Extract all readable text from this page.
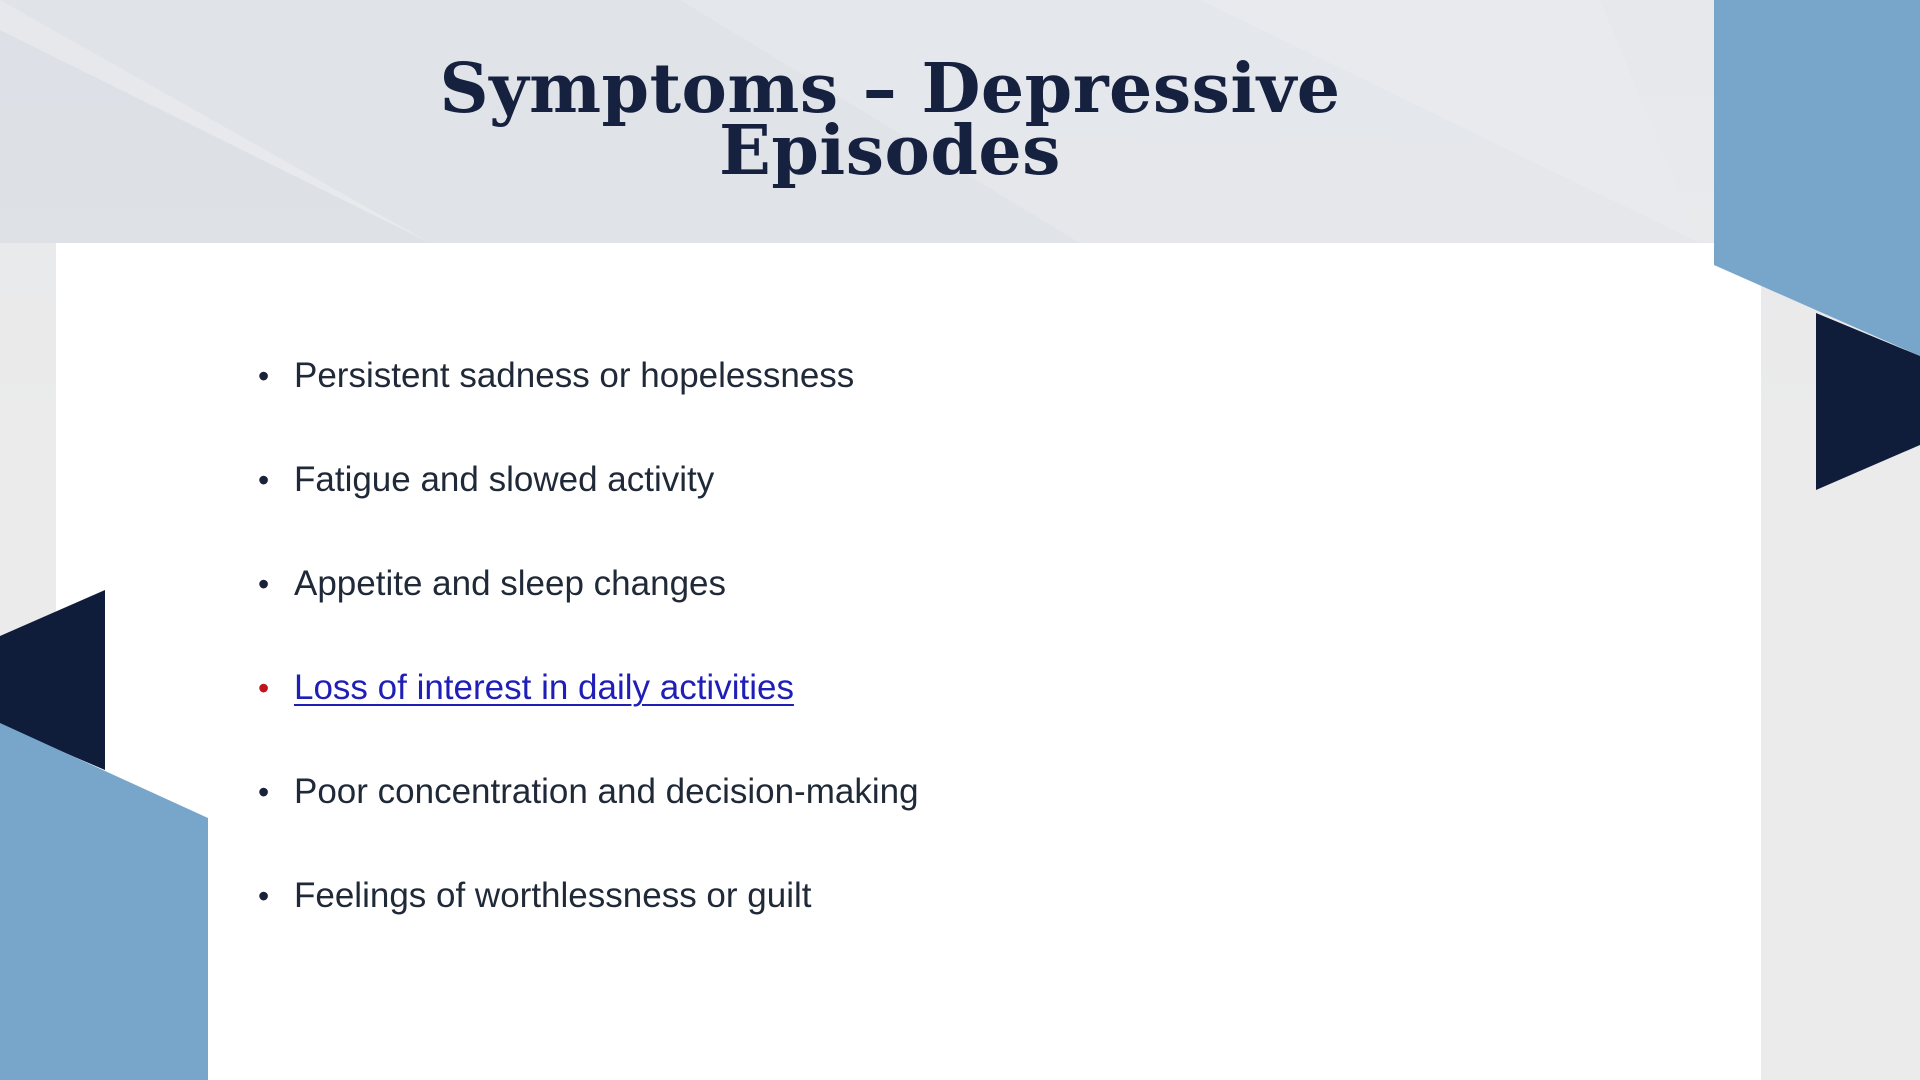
Symptoms – Depressive Episodes
• Persistent sadness or hopelessness
• Fatigue and slowed activity
• Appetite and sleep changes
• Loss of interest in daily activities
• Poor concentration and decision-making
• Feelings of worthlessness or guilt
